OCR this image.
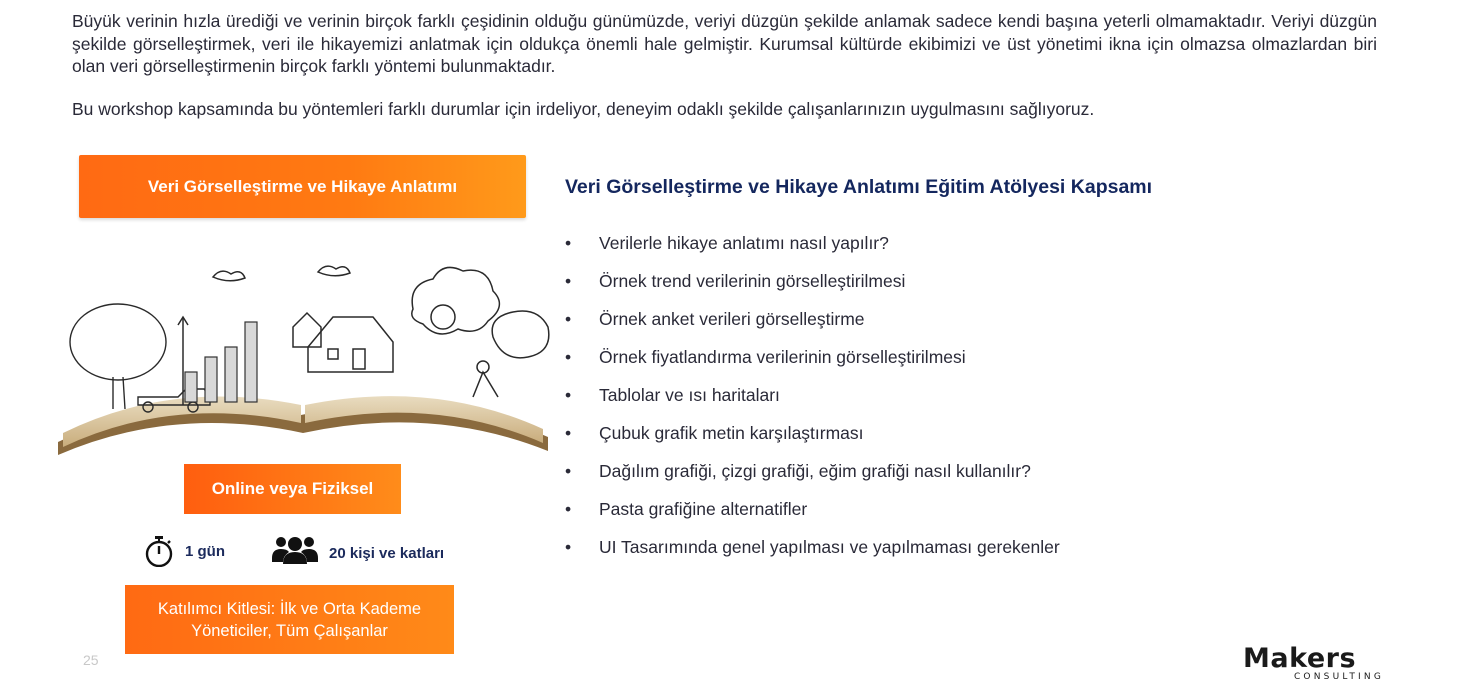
Büyük verinin hızla ürediği ve verinin birçok farklı çeşidinin olduğu günümüzde, veriyi düzgün şekilde anlamak sadece kendi başına yeterli olmamaktadır. Veriyi düzgün şekilde görselleştirmek, veri ile hikayemizi anlatmak için oldukça önemli hale gelmiştir. Kurumsal kültürde ekibimizi ve üst yönetimi ikna için olmazsa olmazlardan biri olan veri görselleştirmenin birçok farklı yöntemi bulunmaktadır.

Bu workshop kapsamında bu yöntemleri farklı durumlar için irdeliyor, deneyim odaklı şekilde çalışanlarınızın uygulmasını sağlıyoruz.

Veri Görselleştirme ve Hikaye Anlatımı
Online veya Fiziksel
1 gün	20 kişi ve katları
Katılımcı Kitlesi: İlk ve Orta Kademe
Yöneticiler, Tüm Çalışanlar
25
Veri Görselleştirme ve Hikaye Anlatımı Eğitim Atölyesi Kapsamı
• Verilerle hikaye anlatımı nasıl yapılır?
• Örnek trend verilerinin görselleştirilmesi
• Örnek anket verileri görselleştirme
• Örnek fiyatlandırma verilerinin görselleştirilmesi
• Tablolar ve ısı haritaları
• Çubuk grafik metin karşılaştırması
• Dağılım grafiği, çizgi grafiği, eğim grafiği nasıl kullanılır?
• Pasta grafiğine alternatifler
• UI Tasarımında genel yapılması ve yapılmaması gerekenler
Makers
CONSULTING
